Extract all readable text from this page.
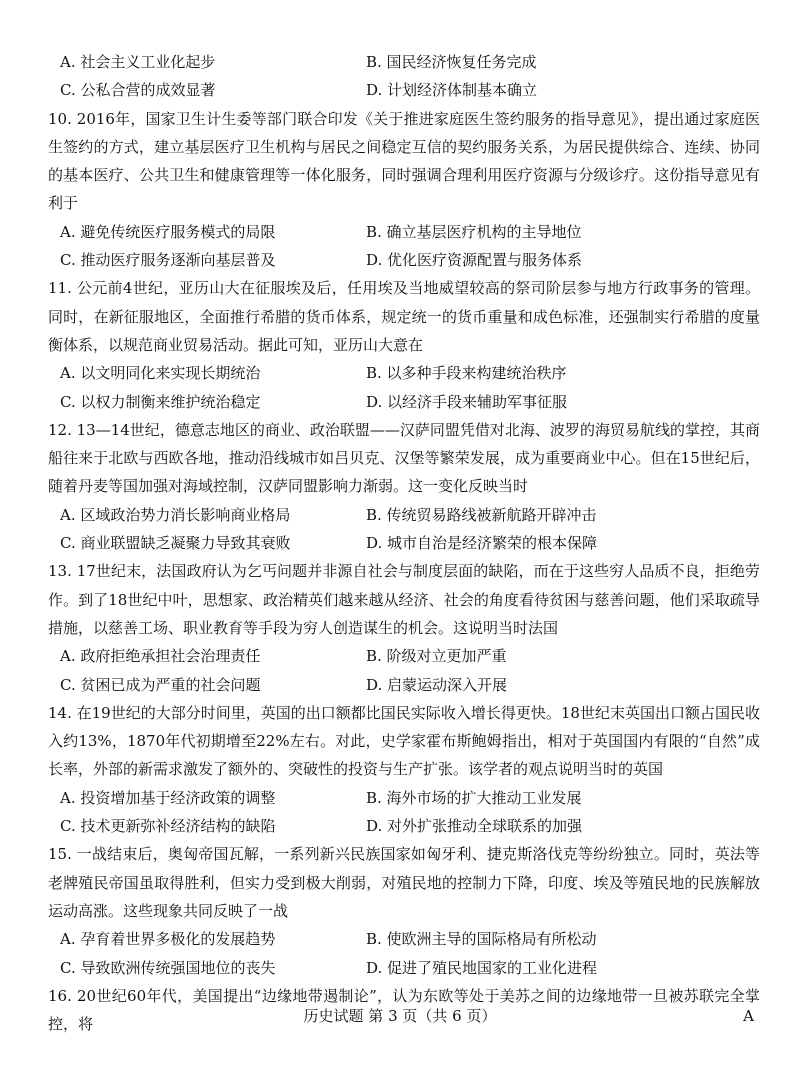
A. 社会主义工业化起步	B. 国民经济恢复任务完成
C. 公私合营的成效显著	D. 计划经济体制基本确立
10. 2016年，国家卫生计生委等部门联合印发《关于推进家庭医生签约服务的指导意见》，提出通过家庭医生签约的方式，建立基层医疗卫生机构与居民之间稳定互信的契约服务关系，为居民提供综合、连续、协同的基本医疗、公共卫生和健康管理等一体化服务，同时强调合理利用医疗资源与分级诊疗。这份指导意见有利于
A. 避免传统医疗服务模式的局限	B. 确立基层医疗机构的主导地位
C. 推动医疗服务逐渐向基层普及	D. 优化医疗资源配置与服务体系
11. 公元前4世纪，亚历山大在征服埃及后，任用埃及当地威望较高的祭司阶层参与地方行政事务的管理。同时，在新征服地区，全面推行希腊的货币体系，规定统一的货币重量和成色标准，还强制实行希腊的度量衡体系，以规范商业贸易活动。据此可知，亚历山大意在
A. 以文明同化来实现长期统治	B. 以多种手段来构建统治秩序
C. 以权力制衡来维护统治稳定	D. 以经济手段来辅助军事征服
12. 13—14世纪，德意志地区的商业、政治联盟——汉萨同盟凭借对北海、波罗的海贸易航线的掌控，其商船往来于北欧与西欧各地，推动沿线城市如吕贝克、汉堡等繁荣发展，成为重要商业中心。但在15世纪后，随着丹麦等国加强对海域控制，汉萨同盟影响力渐弱。这一变化反映当时
A. 区域政治势力消长影响商业格局	B. 传统贸易路线被新航路开辟冲击
C. 商业联盟缺乏凝聚力导致其衰败	D. 城市自治是经济繁荣的根本保障
13. 17世纪末，法国政府认为乞丐问题并非源自社会与制度层面的缺陷，而在于这些穷人品质不良，拒绝劳作。到了18世纪中叶，思想家、政治精英们越来越从经济、社会的角度看待贫困与慈善问题，他们采取疏导措施，以慈善工场、职业教育等手段为穷人创造谋生的机会。这说明当时法国
A. 政府拒绝承担社会治理责任	B. 阶级对立更加严重
C. 贫困已成为严重的社会问题	D. 启蒙运动深入开展
14. 在19世纪的大部分时间里，英国的出口额都比国民实际收入增长得更快。18世纪末英国出口额占国民收入约13%，1870年代初期增至22%左右。对此，史学家霍布斯鲍姆指出，相对于英国国内有限的“自然”成长率，外部的新需求激发了额外的、突破性的投资与生产扩张。该学者的观点说明当时的英国
A. 投资增加基于经济政策的调整	B. 海外市场的扩大推动工业发展
C. 技术更新弥补经济结构的缺陷	D. 对外扩张推动全球联系的加强
15. 一战结束后，奥匈帝国瓦解，一系列新兴民族国家如匈牙利、捷克斯洛伐克等纷纷独立。同时，英法等老牌殖民帝国虽取得胜利，但实力受到极大削弱，对殖民地的控制力下降，印度、埃及等殖民地的民族解放运动高涨。这些现象共同反映了一战
A. 孕育着世界多极化的发展趋势	B. 使欧洲主导的国际格局有所松动
C. 导致欧洲传统强国地位的丧失	D. 促进了殖民地国家的工业化进程
16. 20世纪60年代，美国提出“边缘地带遏制论”，认为东欧等处于美苏之间的边缘地带一旦被苏联完全掌控，将	历史试题 第 3 页（共 6 页）	A
